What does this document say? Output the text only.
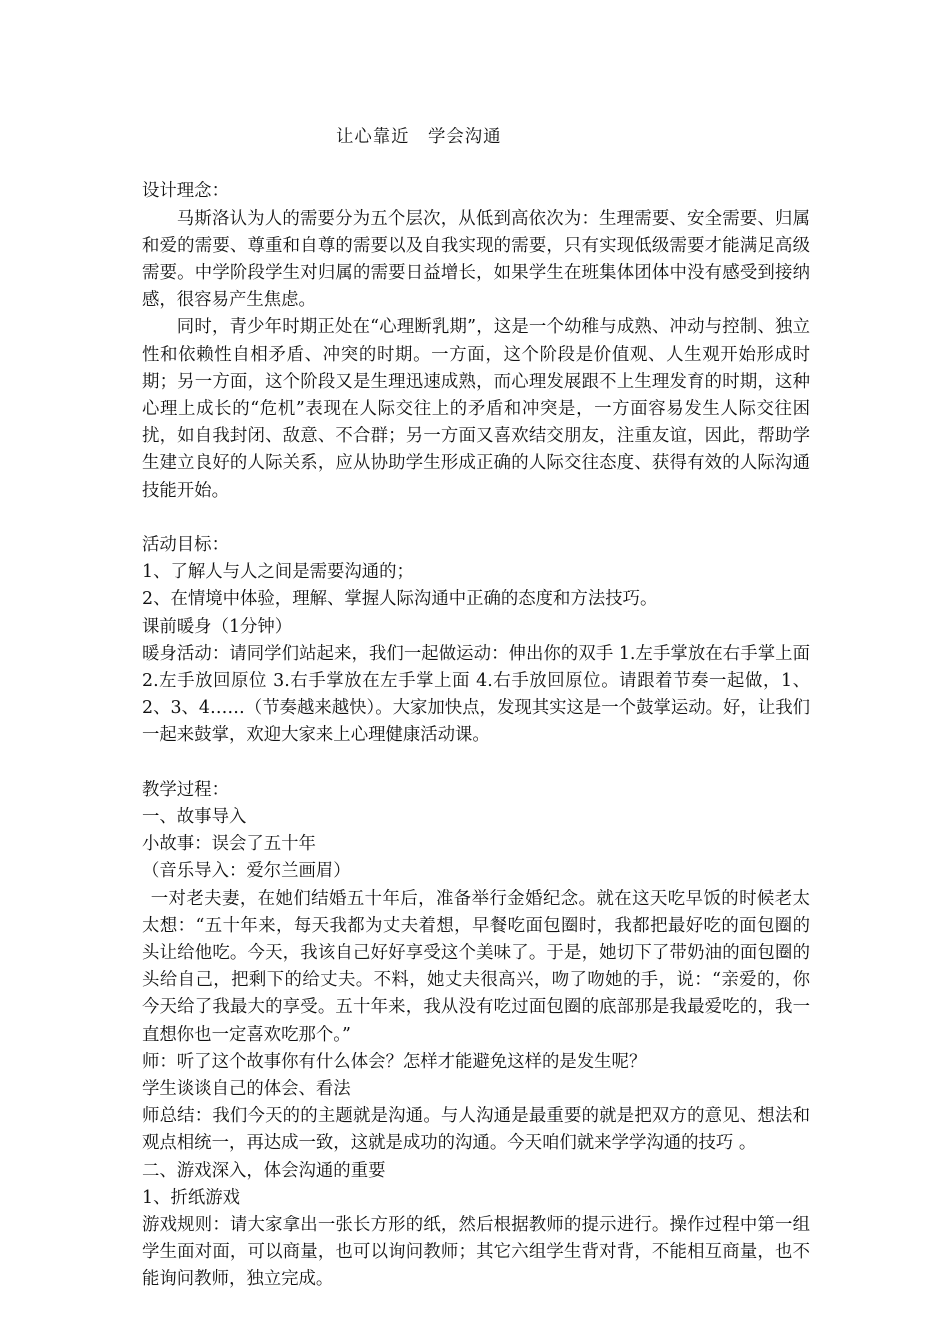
让心靠近　学会沟通

设计理念：

马斯洛认为人的需要分为五个层次，从低到高依次为：生理需要、安全需要、归属和爱的需要、尊重和自尊的需要以及自我实现的需要，只有实现低级需要才能满足高级需要。中学阶段学生对归属的需要日益增长，如果学生在班集体团体中没有感受到接纳感，很容易产生焦虑。

同时，青少年时期正处在“心理断乳期”，这是一个幼稚与成熟、冲动与控制、独立性和依赖性自相矛盾、冲突的时期。一方面，这个阶段是价值观、人生观开始形成时期；另一方面，这个阶段又是生理迅速成熟，而心理发展跟不上生理发育的时期，这种心理上成长的“危机”表现在人际交往上的矛盾和冲突是，一方面容易发生人际交往困扰，如自我封闭、敌意、不合群；另一方面又喜欢结交朋友，注重友谊，因此，帮助学生建立良好的人际关系，应从协助学生形成正确的人际交往态度、获得有效的人际沟通技能开始。

活动目标：

1、了解人与人之间是需要沟通的；

2、在情境中体验，理解、掌握人际沟通中正确的态度和方法技巧。

课前暖身（1分钟）

暖身活动：请同学们站起来，我们一起做运动：伸出你的双手 1.左手掌放在右手掌上面 2.左手放回原位 3.右手掌放在左手掌上面 4.右手放回原位。请跟着节奏一起做，1、2、3、4……（节奏越来越快）。大家加快点，发现其实这是一个鼓掌运动。好，让我们一起来鼓掌，欢迎大家来上心理健康活动课。

教学过程：

一、故事导入

小故事：误会了五十年

（音乐导入：爱尔兰画眉）

一对老夫妻，在她们结婚五十年后，准备举行金婚纪念。就在这天吃早饭的时候老太太想：“五十年来，每天我都为丈夫着想，早餐吃面包圈时，我都把最好吃的面包圈的头让给他吃。今天，我该自己好好享受这个美味了。于是，她切下了带奶油的面包圈的头给自己，把剩下的给丈夫。不料，她丈夫很高兴，吻了吻她的手，说：“亲爱的，你今天给了我最大的享受。五十年来，我从没有吃过面包圈的底部那是我最爱吃的，我一直想你也一定喜欢吃那个。”

师：听了这个故事你有什么体会？怎样才能避免这样的是发生呢？

学生谈谈自己的体会、看法

师总结：我们今天的的主题就是沟通。与人沟通是最重要的就是把双方的意见、想法和观点相统一，再达成一致，这就是成功的沟通。今天咱们就来学学沟通的技巧 。

二、游戏深入，体会沟通的重要

1、折纸游戏

游戏规则：请大家拿出一张长方形的纸，然后根据教师的提示进行。操作过程中第一组学生面对面，可以商量，也可以询问教师；其它六组学生背对背，不能相互商量，也不能询问教师，独立完成。
